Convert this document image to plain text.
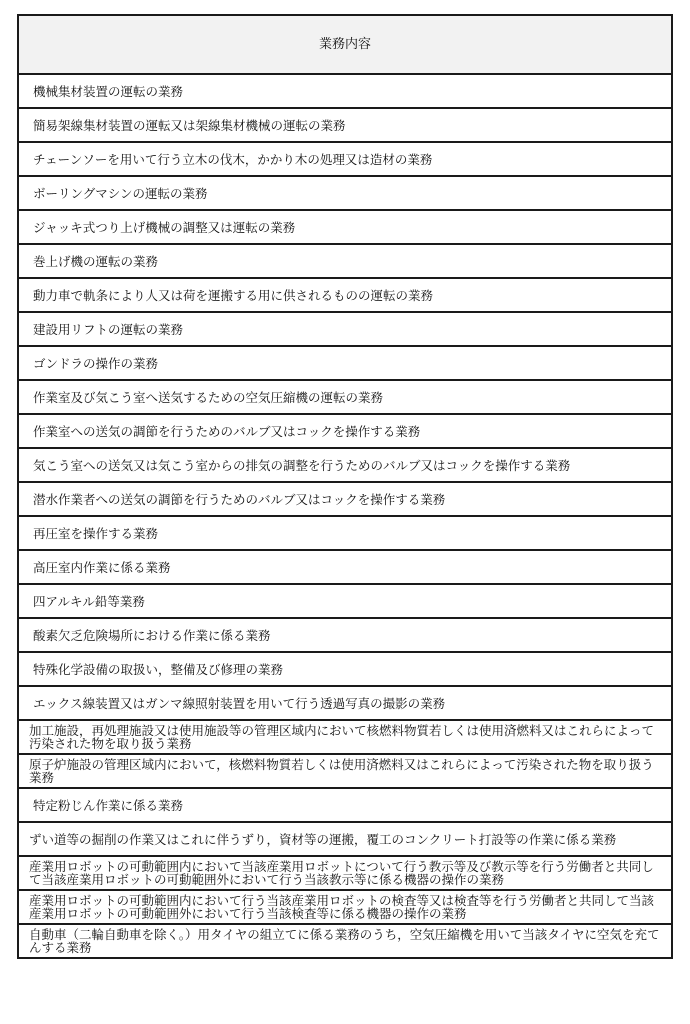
業務内容
機械集材装置の運転の業務
簡易架線集材装置の運転又は架線集材機械の運転の業務
チェーンソーを用いて行う立木の伐木，かかり木の処理又は造材の業務
ボーリングマシンの運転の業務
ジャッキ式つり上げ機械の調整又は運転の業務
巻上げ機の運転の業務
動力車で軌条により人又は荷を運搬する用に供されるものの運転の業務
建設用リフトの運転の業務
ゴンドラの操作の業務
作業室及び気こう室へ送気するための空気圧縮機の運転の業務
作業室への送気の調節を行うためのバルブ又はコックを操作する業務
気こう室への送気又は気こう室からの排気の調整を行うためのバルブ又はコックを操作する業務
潜水作業者への送気の調節を行うためのバルブ又はコックを操作する業務
再圧室を操作する業務
高圧室内作業に係る業務
四アルキル鉛等業務
酸素欠乏危険場所における作業に係る業務
特殊化学設備の取扱い，整備及び修理の業務
エックス線装置又はガンマ線照射装置を用いて行う透過写真の撮影の業務
加工施設，再処理施設又は使用施設等の管理区域内において核燃料物質若しくは使用済燃料又はこれらによって汚染された物を取り扱う業務
原子炉施設の管理区域内において，核燃料物質若しくは使用済燃料又はこれらによって汚染された物を取り扱う業務
特定粉じん作業に係る業務
ずい道等の掘削の作業又はこれに伴うずり，資材等の運搬，覆工のコンクリート打設等の作業に係る業務
産業用ロボットの可動範囲内において当該産業用ロボットについて行う教示等及び教示等を行う労働者と共同して当該産業用ロボットの可動範囲外において行う当該教示等に係る機器の操作の業務
産業用ロボットの可動範囲内において行う当該産業用ロボットの検査等又は検査等を行う労働者と共同して当該産業用ロボットの可動範囲外において行う当該検査等に係る機器の操作の業務
自動車（二輪自動車を除く。）用タイヤの組立てに係る業務のうち，空気圧縮機を用いて当該タイヤに空気を充てんする業務
